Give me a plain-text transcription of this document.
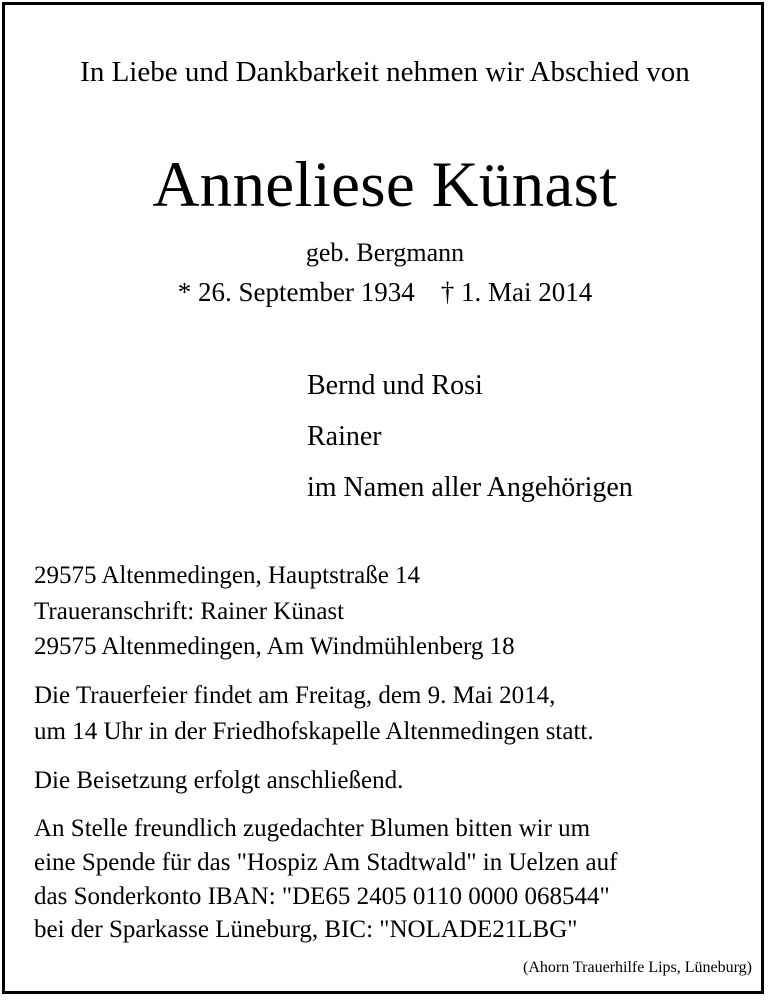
In Liebe und Dankbarkeit nehmen wir Abschied von
Anneliese Künast
geb. Bergmann
* 26. September 1934 † 1. Mai 2014
Bernd und Rosi
Rainer
im Namen aller Angehörigen
29575 Altenmedingen, Hauptstraße 14
Traueranschrift: Rainer Künast
29575 Altenmedingen, Am Windmühlenberg 18
Die Trauerfeier findet am Freitag, dem 9. Mai 2014,
um 14 Uhr in der Friedhofskapelle Altenmedingen statt.
Die Beisetzung erfolgt anschließend.
An Stelle freundlich zugedachter Blumen bitten wir um
eine Spende für das "Hospiz Am Stadtwald" in Uelzen auf
das Sonderkonto IBAN: "DE65 2405 0110 0000 068544"
bei der Sparkasse Lüneburg, BIC: "NOLADE21LBG"
(Ahorn Trauerhilfe Lips, Lüneburg)
